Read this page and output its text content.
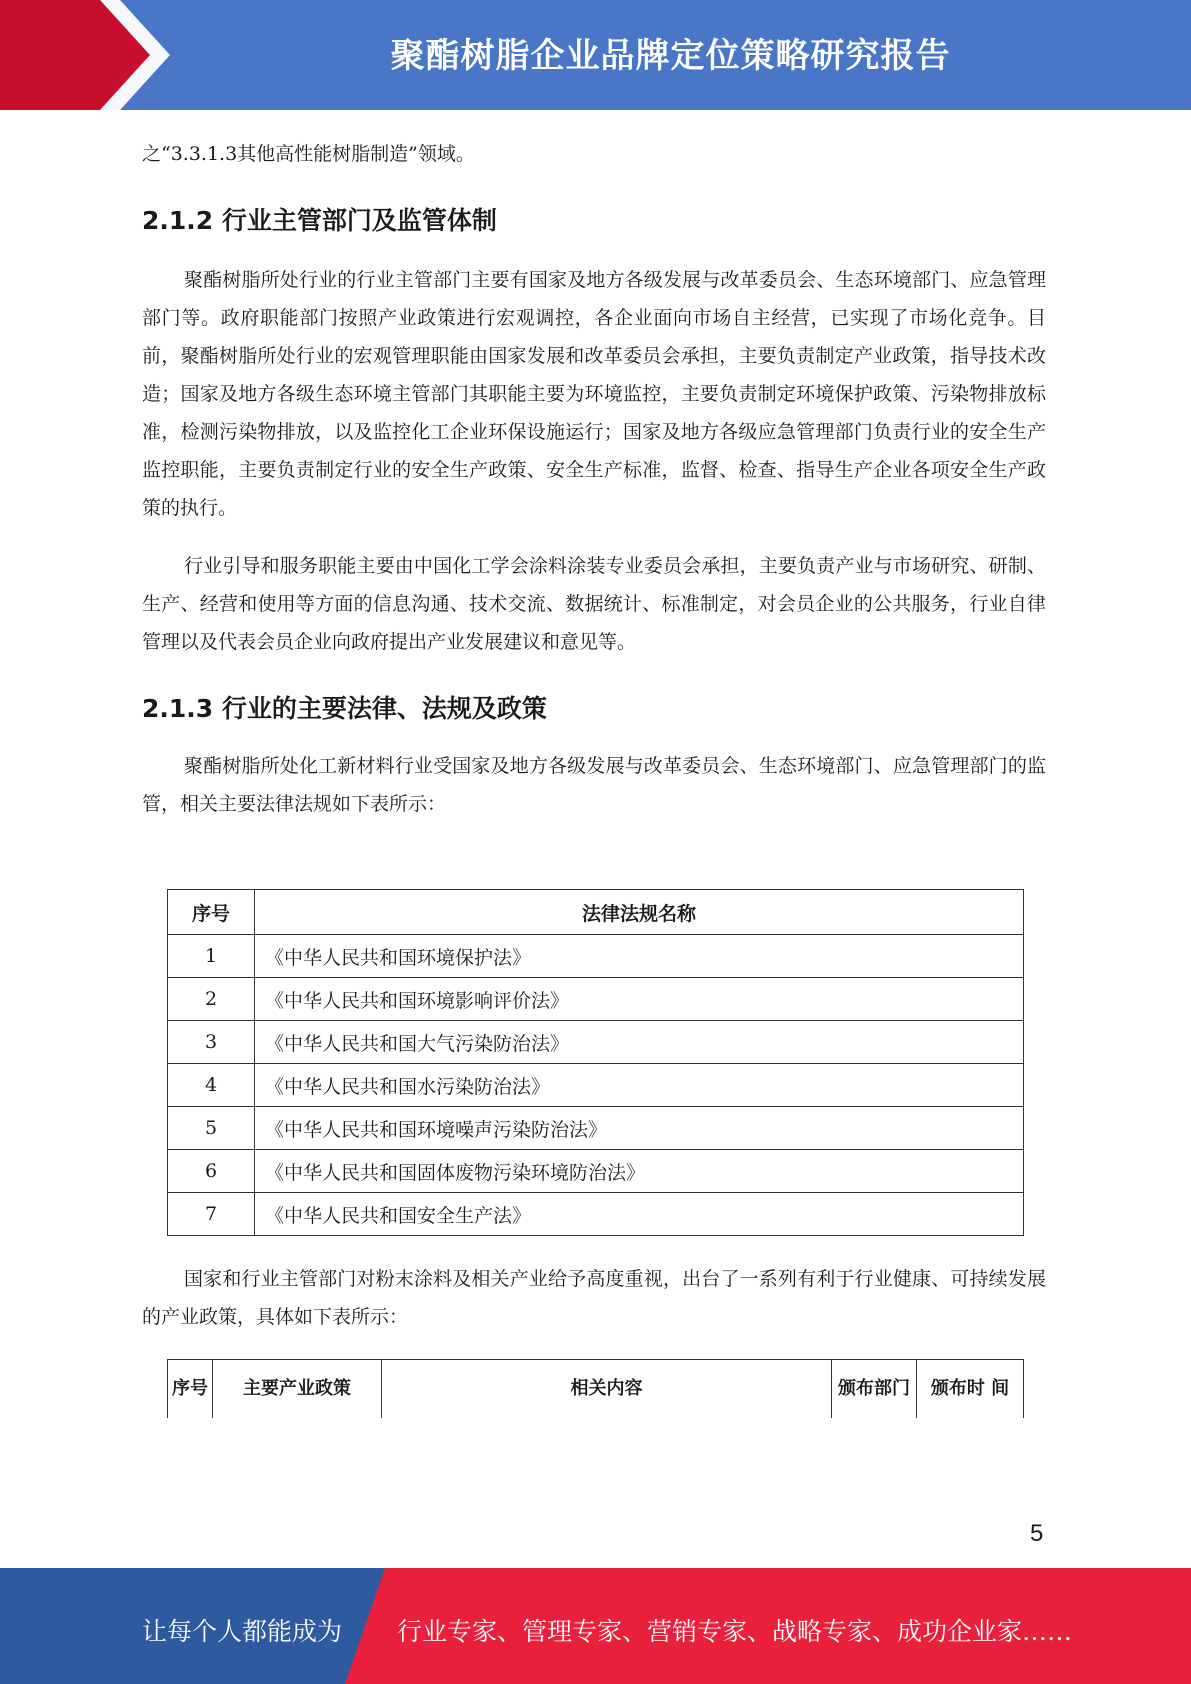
聚酯树脂企业品牌定位策略研究报告

之“3.3.1.3其他高性能树脂制造”领域。

2.1.2 行业主管部门及监管体制

聚酯树脂所处行业的行业主管部门主要有国家及地方各级发展与改革委员会、生态环境部门、应急管理部门等。政府职能部门按照产业政策进行宏观调控，各企业面向市场自主经营，已实现了市场化竞争。目前，聚酯树脂所处行业的宏观管理职能由国家发展和改革委员会承担，主要负责制定产业政策，指导技术改造；国家及地方各级生态环境主管部门其职能主要为环境监控，主要负责制定环境保护政策、污染物排放标准，检测污染物排放，以及监控化工企业环保设施运行；国家及地方各级应急管理部门负责行业的安全生产监控职能，主要负责制定行业的安全生产政策、安全生产标准，监督、检查、指导生产企业各项安全生产政策的执行。

行业引导和服务职能主要由中国化工学会涂料涂装专业委员会承担，主要负责产业与市场研究、研制、生产、经营和使用等方面的信息沟通、技术交流、数据统计、标准制定，对会员企业的公共服务，行业自律管理以及代表会员企业向政府提出产业发展建议和意见等。

2.1.3 行业的主要法律、法规及政策

聚酯树脂所处化工新材料行业受国家及地方各级发展与改革委员会、生态环境部门、应急管理部门的监管，相关主要法律法规如下表所示：

序号	法律法规名称
1	《中华人民共和国环境保护法》
2	《中华人民共和国环境影响评价法》
3	《中华人民共和国大气污染防治法》
4	《中华人民共和国水污染防治法》
5	《中华人民共和国环境噪声污染防治法》
6	《中华人民共和国固体废物污染环境防治法》
7	《中华人民共和国安全生产法》

国家和行业主管部门对粉末涂料及相关产业给予高度重视，出台了一系列有利于行业健康、可持续发展的产业政策，具体如下表所示：

序号	主要产业政策	相关内容	颁布部门	颁布时 间
5
让每个人都能成为 行业专家、管理专家、营销专家、战略专家、成功企业家……
